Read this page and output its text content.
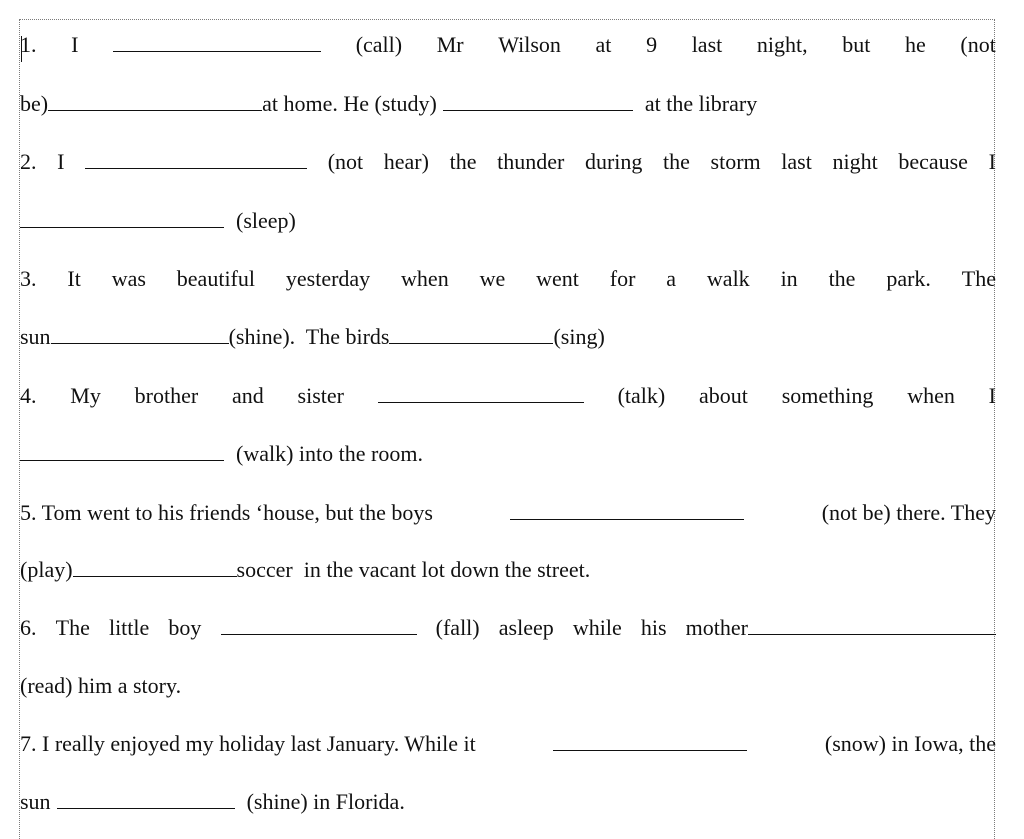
1. I	(call) Mr Wilson at 9 last night, but he (not
be)	at home. He (study)	at the library
2. I	(not hear) the thunder during the storm last night because I
(sleep)
3. It was beautiful yesterday when we went for a walk in the park. The
sun	(shine).  The birds	(sing)
4. My brother and sister	(talk) about something when I
(walk) into the room.
5. Tom went to his friends ‘house, but the boys	(not be) there. They
(play)	soccer  in the vacant lot down the street.
6. The little boy	(fall) asleep while his mother
(read) him a story.
7. I really enjoyed my holiday last January. While it	(snow) in Iowa, the
sun	(shine) in Florida.
